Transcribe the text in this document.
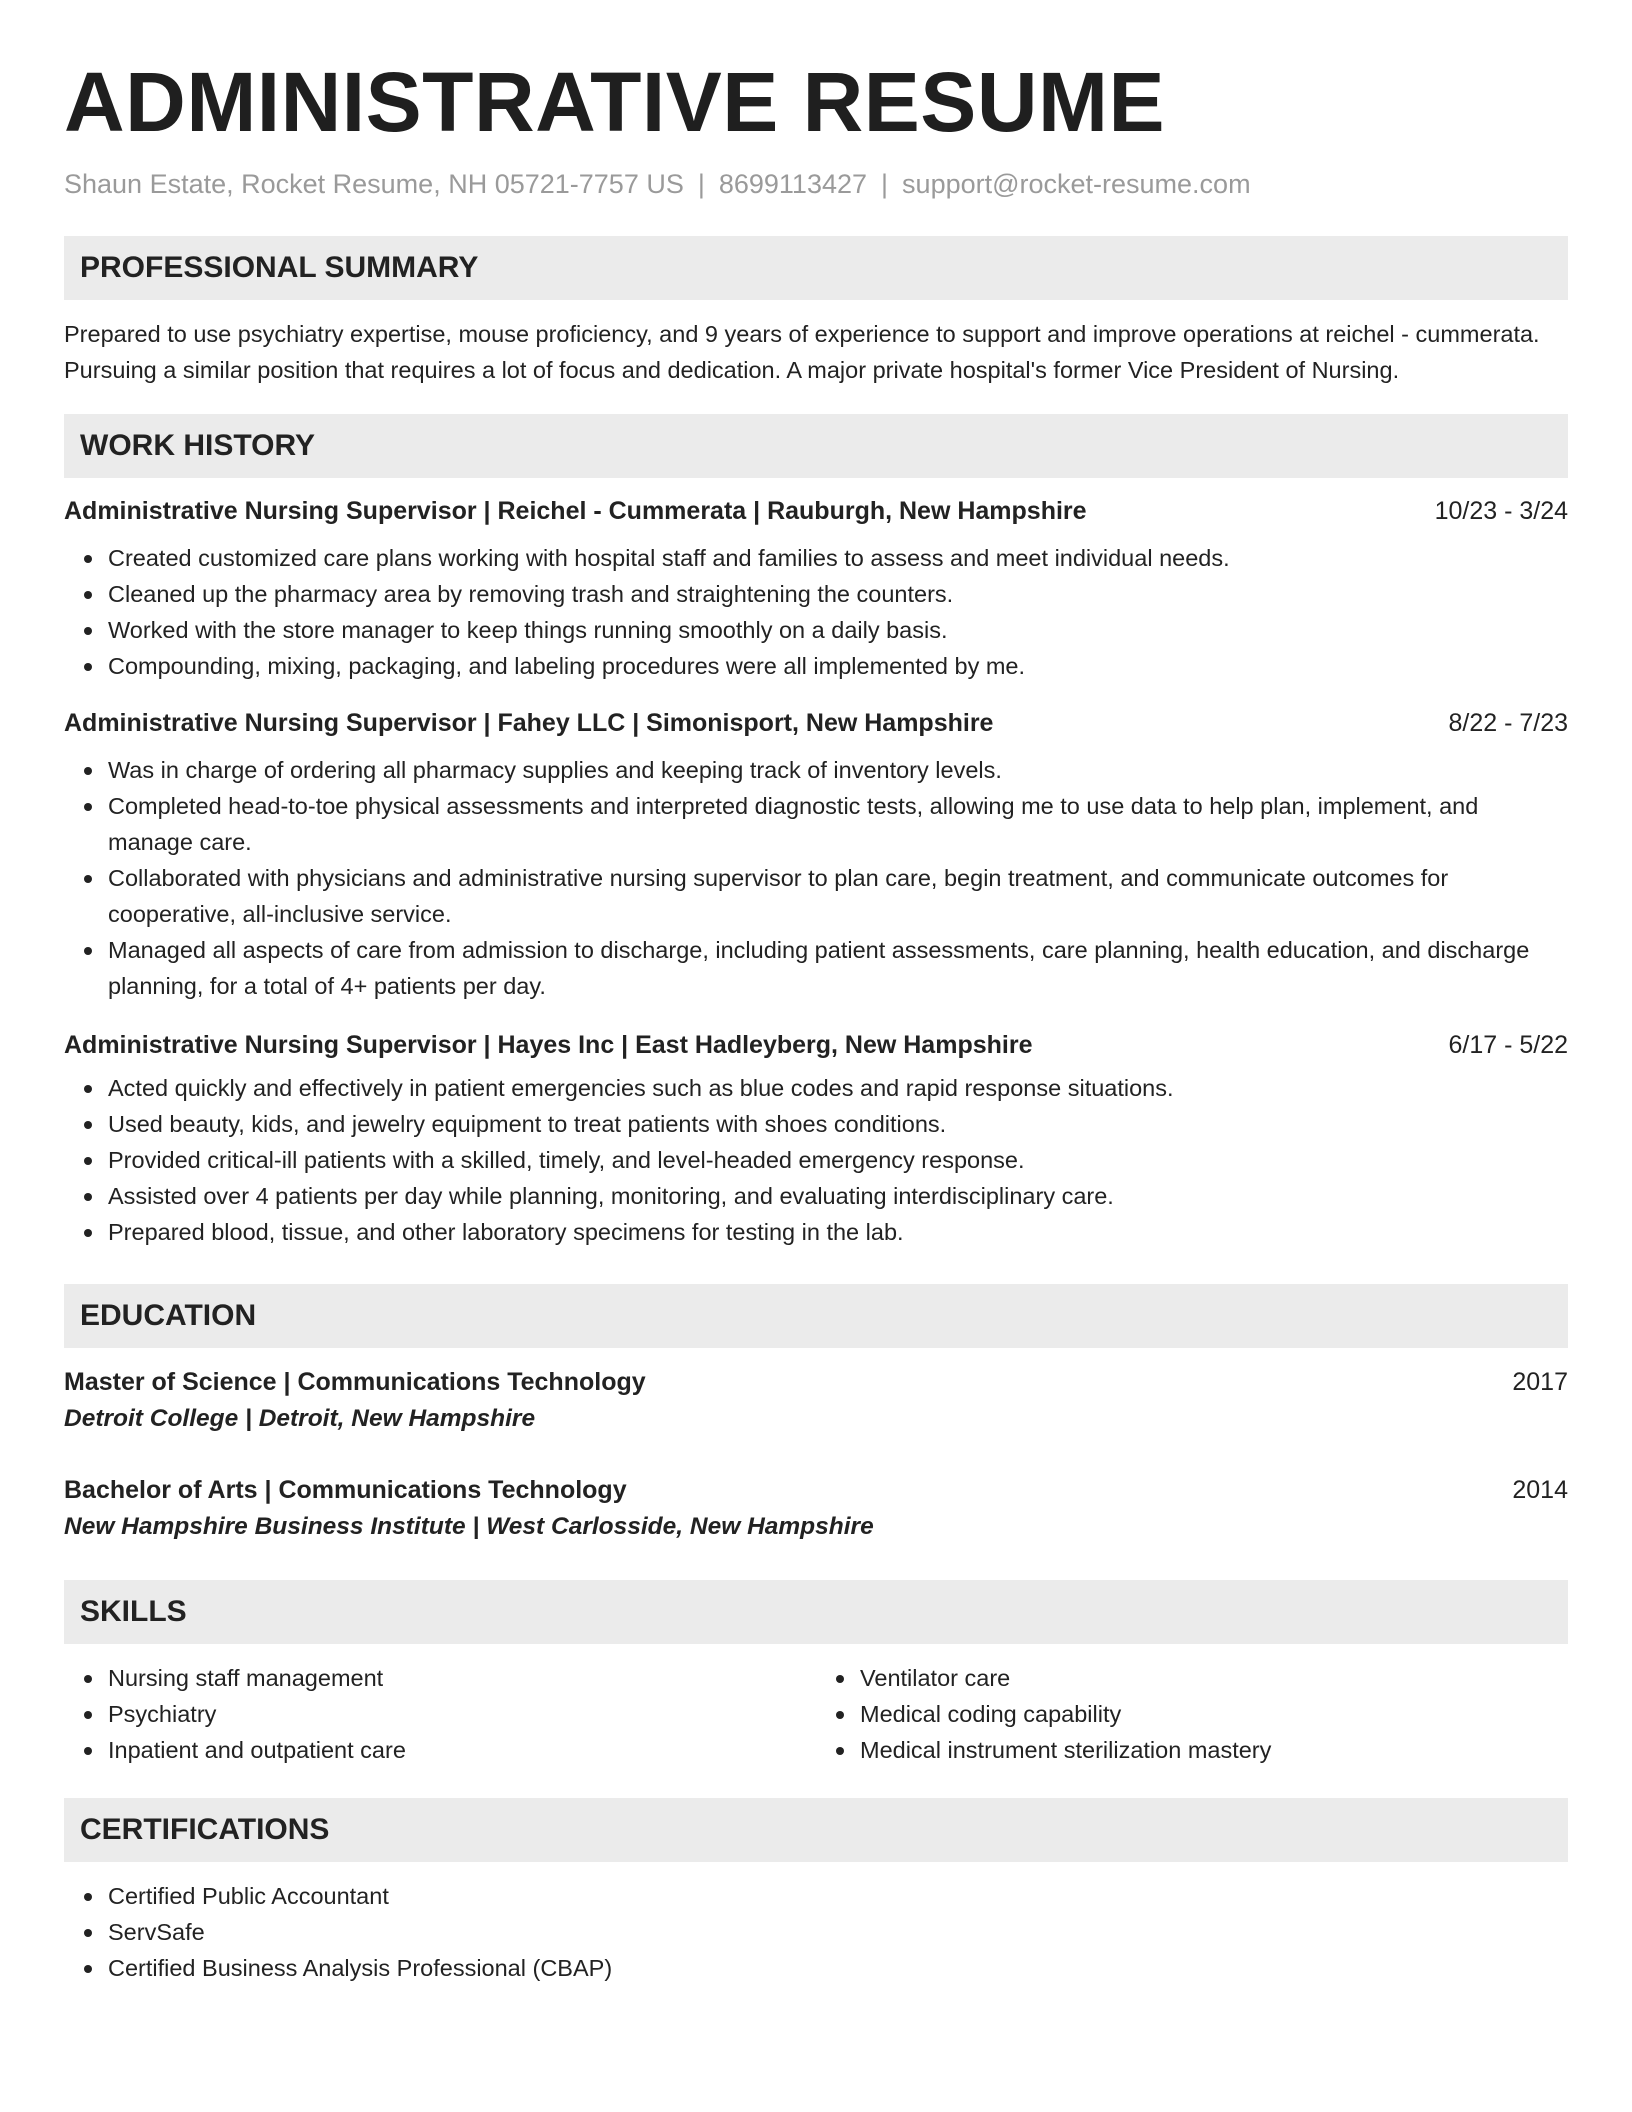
ADMINISTRATIVE RESUME
Shaun Estate, Rocket Resume, NH 05721-7757 US | 8699113427 | support@rocket-resume.com
PROFESSIONAL SUMMARY

Prepared to use psychiatry expertise, mouse proficiency, and 9 years of experience to support and improve operations at reichel - cummerata. Pursuing a similar position that requires a lot of focus and dedication. A major private hospital's former Vice President of Nursing.

WORK HISTORY
Administrative Nursing Supervisor | Reichel - Cummerata | Rauburgh, New Hampshire	10/23 - 3/24
Created customized care plans working with hospital staff and families to assess and meet individual needs.
Cleaned up the pharmacy area by removing trash and straightening the counters.
Worked with the store manager to keep things running smoothly on a daily basis.
Compounding, mixing, packaging, and labeling procedures were all implemented by me.
Administrative Nursing Supervisor | Fahey LLC | Simonisport, New Hampshire	8/22 - 7/23
Was in charge of ordering all pharmacy supplies and keeping track of inventory levels.
Completed head-to-toe physical assessments and interpreted diagnostic tests, allowing me to use data to help plan, implement, and manage care.
Collaborated with physicians and administrative nursing supervisor to plan care, begin treatment, and communicate outcomes for cooperative, all-inclusive service.
Managed all aspects of care from admission to discharge, including patient assessments, care planning, health education, and discharge planning, for a total of 4+ patients per day.
Administrative Nursing Supervisor | Hayes Inc | East Hadleyberg, New Hampshire	6/17 - 5/22
Acted quickly and effectively in patient emergencies such as blue codes and rapid response situations.
Used beauty, kids, and jewelry equipment to treat patients with shoes conditions.
Provided critical-ill patients with a skilled, timely, and level-headed emergency response.
Assisted over 4 patients per day while planning, monitoring, and evaluating interdisciplinary care.
Prepared blood, tissue, and other laboratory specimens for testing in the lab.
EDUCATION
Master of Science | Communications Technology	2017
Detroit College | Detroit, New Hampshire
Bachelor of Arts | Communications Technology	2014
New Hampshire Business Institute | West Carlosside, New Hampshire
SKILLS
Nursing staff management
Psychiatry
Inpatient and outpatient care
Ventilator care
Medical coding capability
Medical instrument sterilization mastery
CERTIFICATIONS
Certified Public Accountant
ServSafe
Certified Business Analysis Professional (CBAP)
